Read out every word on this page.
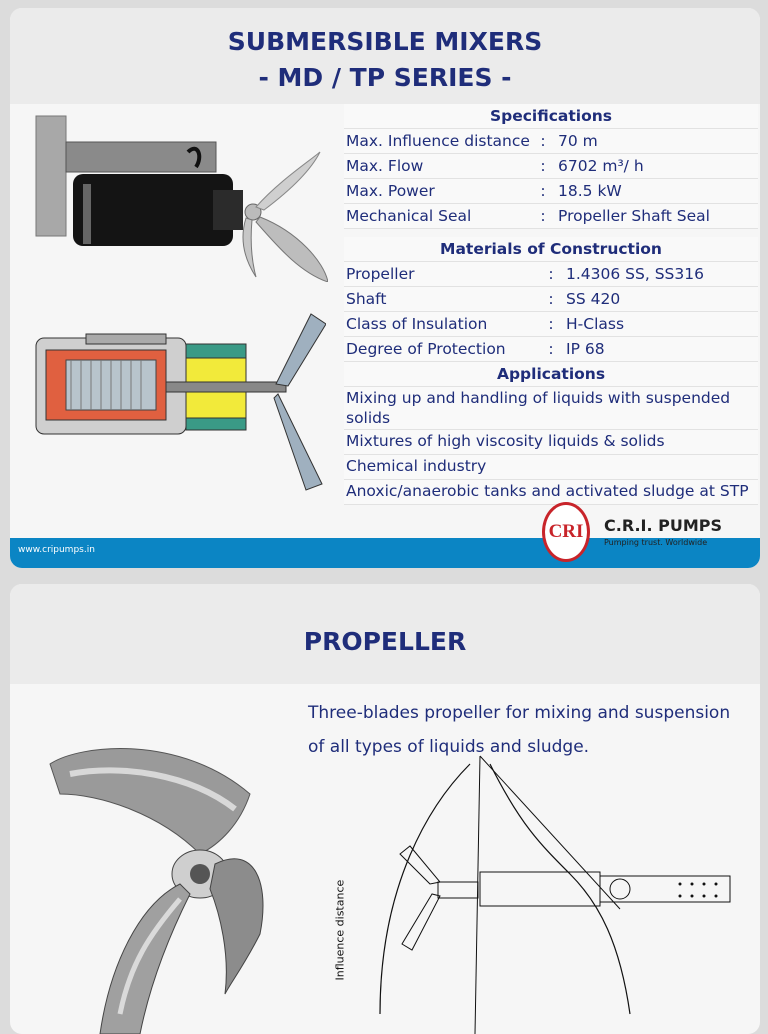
SUBMERSIBLE MIXERS
- MD / TP SERIES -
Specifications
Max. Influence distance : 70 m
Max. Flow	: 6702 m³/ h
Max. Power	: 18.5 kW
Mechanical Seal	: Propeller Shaft Seal
Materials of Construction
Propeller	: 1.4306 SS, SS316
Shaft	: SS 420
Class of Insulation	: H-Class
Degree of Protection	: IP 68
Applications
Mixing up and handling of liquids with suspended solids
Mixtures of high viscosity liquids & solids
Chemical industry
Anoxic/anaerobic tanks and activated sludge at STP
www.cripumps.in
CRI	C.R.I. PUMPS
Pumping trust. Worldwide
PROPELLER
Three-blades propeller for mixing and suspension of all types of liquids and sludge.
Influence distance
